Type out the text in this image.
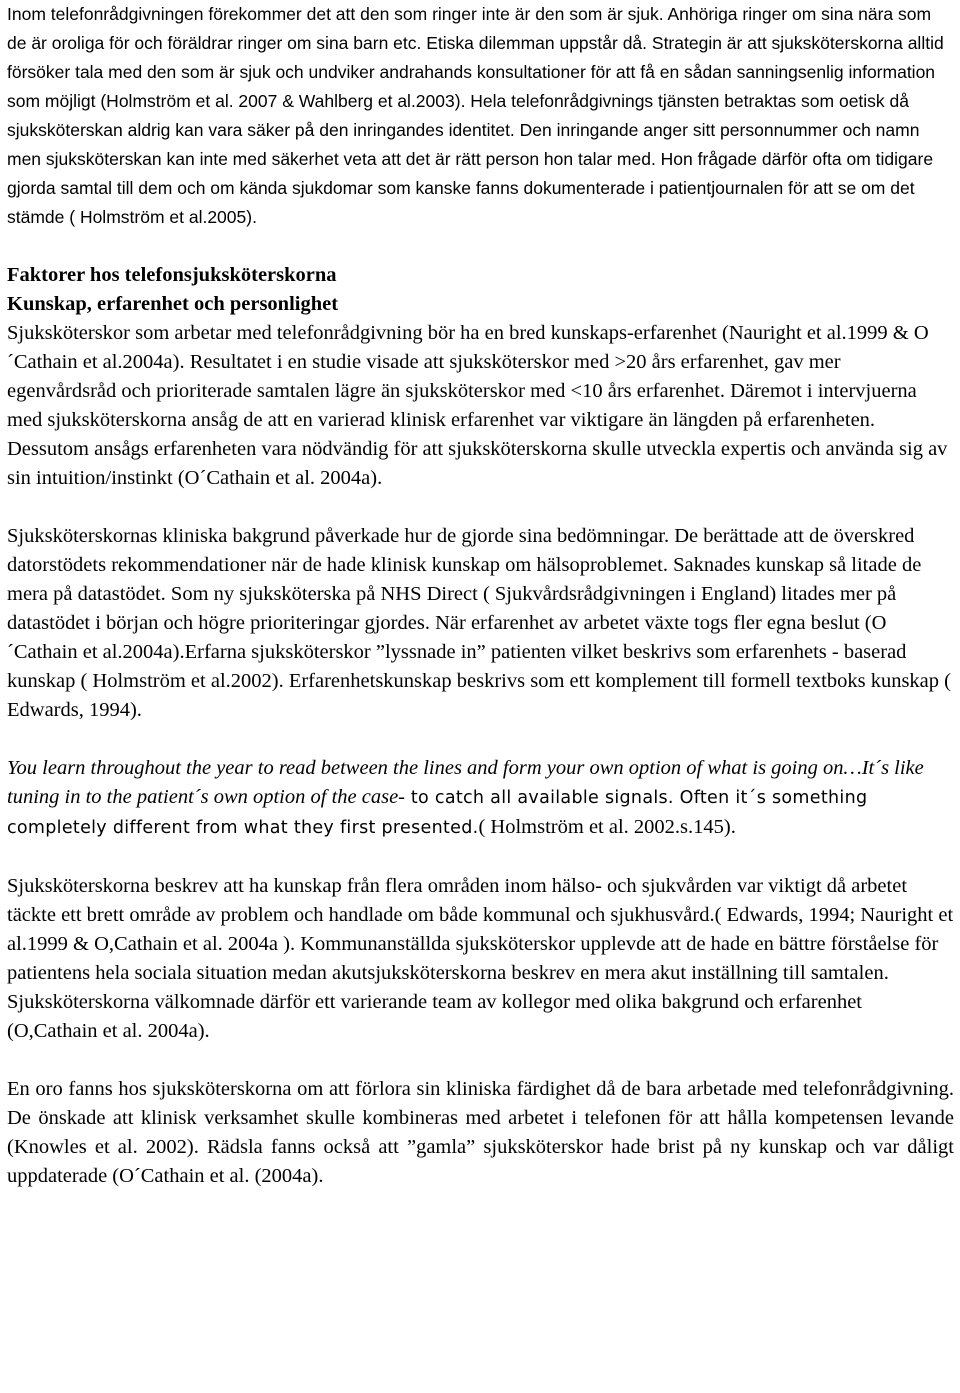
Inom telefonrådgivningen förekommer det att den som ringer inte är den som är sjuk. Anhöriga ringer om sina nära som de är oroliga för och föräldrar ringer om sina barn etc. Etiska dilemman uppstår då. Strategin är att sjuksköterskorna alltid försöker tala med den som är sjuk och undviker andrahands konsultationer för att få en sådan sanningsenlig information som möjligt (Holmström et al. 2007 & Wahlberg et al.2003). Hela telefonrådgivnings tjänsten betraktas som oetisk då sjuksköterskan aldrig kan vara säker på den inringandes identitet. Den inringande anger sitt personnummer och namn men sjuksköterskan kan inte med säkerhet veta att det är rätt person hon talar med. Hon frågade därför ofta om tidigare gjorda samtal till dem och om kända sjukdomar som kanske fanns dokumenterade i patientjournalen för att se om det stämde ( Holmström et al.2005).

Faktorer hos telefonsjuksköterskorna
Kunskap, erfarenhet och personlighet

Sjuksköterskor som arbetar med telefonrådgivning bör ha en bred kunskaps-erfarenhet (Nauright et al.1999 & O´Cathain et al.2004a). Resultatet i en studie visade att sjuksköterskor med >20 års erfarenhet, gav mer egenvårdsråd och prioriterade samtalen lägre än sjuksköterskor med <10 års erfarenhet. Däremot i intervjuerna med sjuksköterskorna ansåg de att en varierad klinisk erfarenhet var viktigare än längden på erfarenheten. Dessutom ansågs erfarenheten vara nödvändig för att sjuksköterskorna skulle utveckla expertis och använda sig av sin intuition/instinkt (O´Cathain et al. 2004a).

Sjuksköterskornas kliniska bakgrund påverkade hur de gjorde sina bedömningar. De berättade att de överskred datorstödets rekommendationer när de hade klinisk kunskap om hälsoproblemet. Saknades kunskap så litade de mera på datastödet. Som ny sjuksköterska på NHS Direct ( Sjukvårdsrådgivningen i England) litades mer på datastödet i början och högre prioriteringar gjordes. När erfarenhet av arbetet växte togs fler egna beslut (O´Cathain et al.2004a).Erfarna sjuksköterskor ”lyssnade in” patienten vilket beskrivs som erfarenhets - baserad kunskap ( Holmström et al.2002). Erfarenhetskunskap beskrivs som ett komplement till formell textboks kunskap ( Edwards, 1994).

You learn throughout the year to read between the lines and form your own option of what is going on…It´s like tuning in to the patient´s own option of the case- to catch all available signals. Often it´s something completely different from what they first presented.( Holmström et al. 2002.s.145).

Sjuksköterskorna beskrev att ha kunskap från flera områden inom hälso- och sjukvården var viktigt då arbetet täckte ett brett område av problem och handlade om både kommunal och sjukhusvård.( Edwards, 1994; Nauright et al.1999 & O,Cathain et al. 2004a ). Kommunanställda sjuksköterskor upplevde att de hade en bättre förståelse för patientens hela sociala situation medan akutsjuksköterskorna beskrev en mera akut inställning till samtalen. Sjuksköterskorna välkomnade därför ett varierande team av kollegor med olika bakgrund och erfarenhet (O,Cathain et al. 2004a).

En oro fanns hos sjuksköterskorna om att förlora sin kliniska färdighet då de bara arbetade med telefonrådgivning. De önskade att klinisk verksamhet skulle kombineras med arbetet i telefonen för att hålla kompetensen levande (Knowles et al. 2002). Rädsla fanns också att ”gamla” sjuksköterskor hade brist på ny kunskap och var dåligt uppdaterade (O´Cathain et al. (2004a).
